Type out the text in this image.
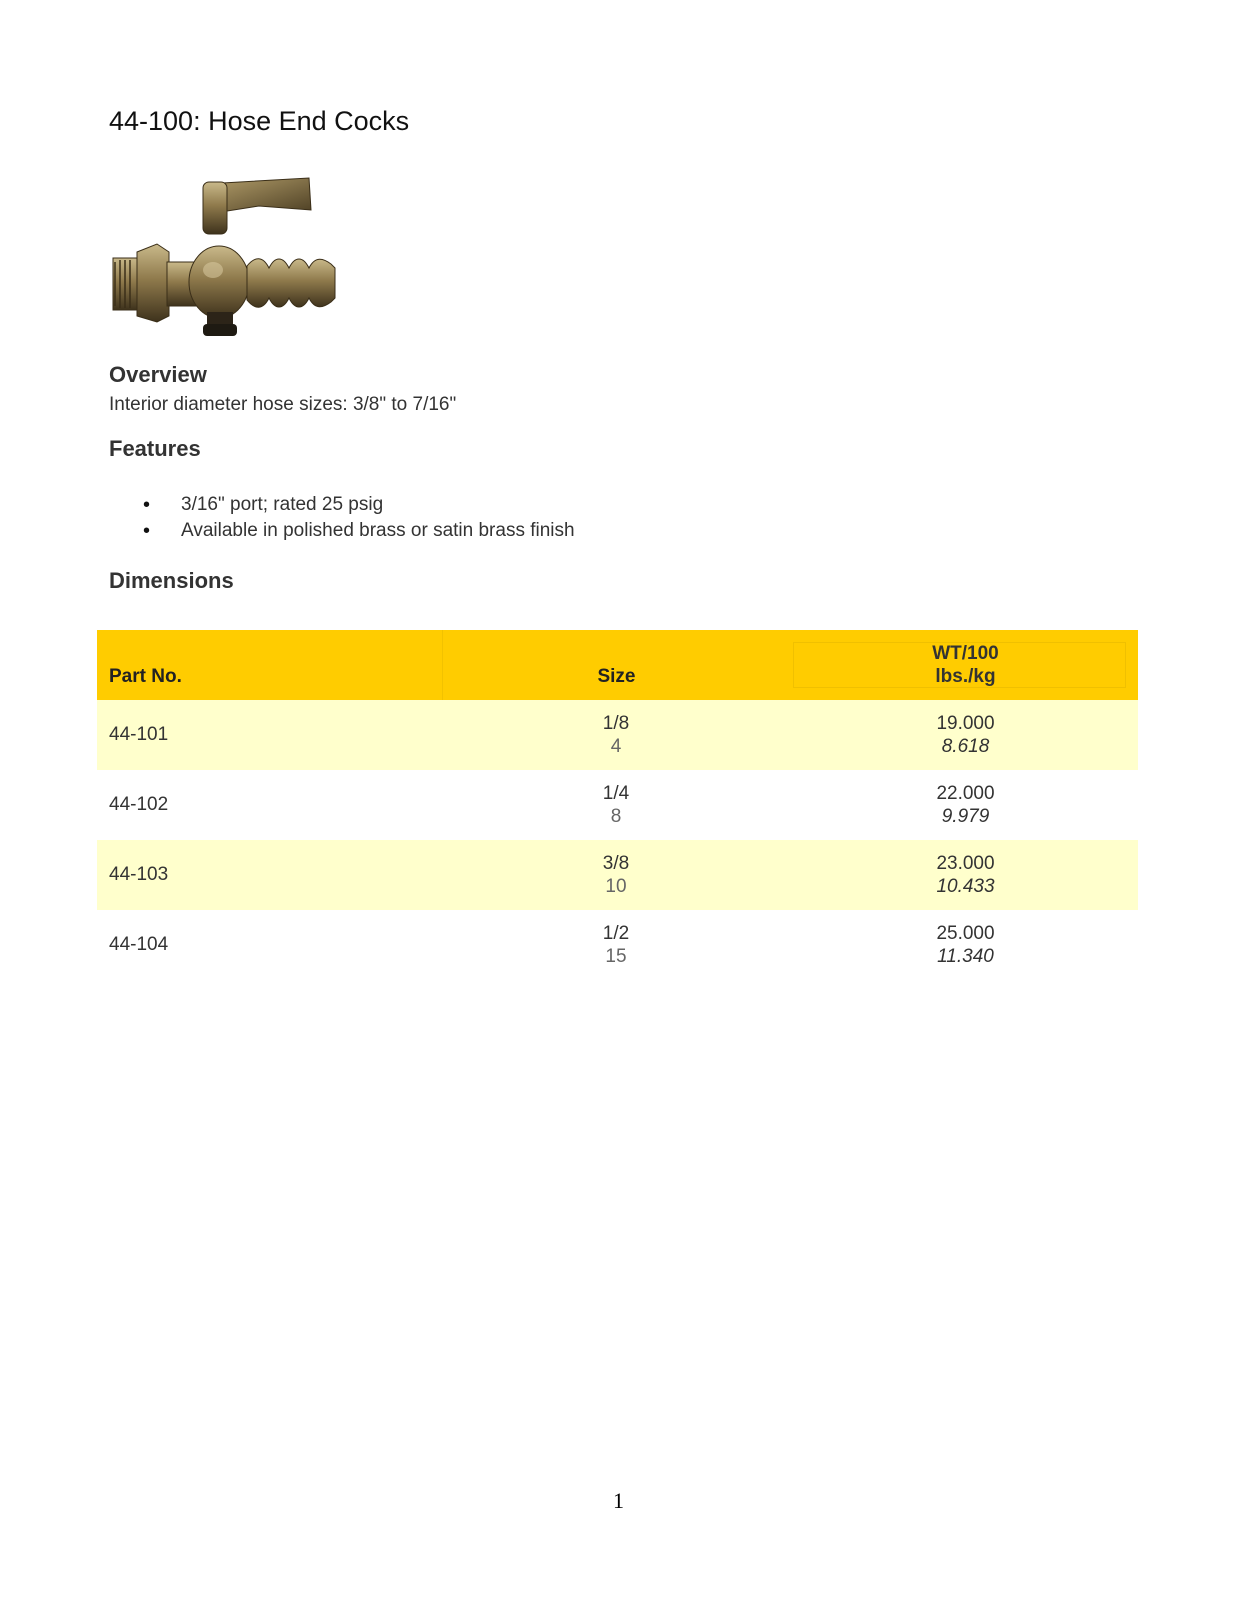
44-100: Hose End Cocks
Overview
Interior diameter hose sizes: 3/8" to 7/16"
Features
• 3/16" port; rated 25 psig
• Available in polished brass or satin brass finish
Dimensions
Part No.	Size
WT/100
lbs./kg
44-101
1/8
4
19.000
8.618
44-102
1/4
8
22.000
9.979
44-103
3/8
10
23.000
10.433
44-104
1/2
15
25.000
11.340
1
